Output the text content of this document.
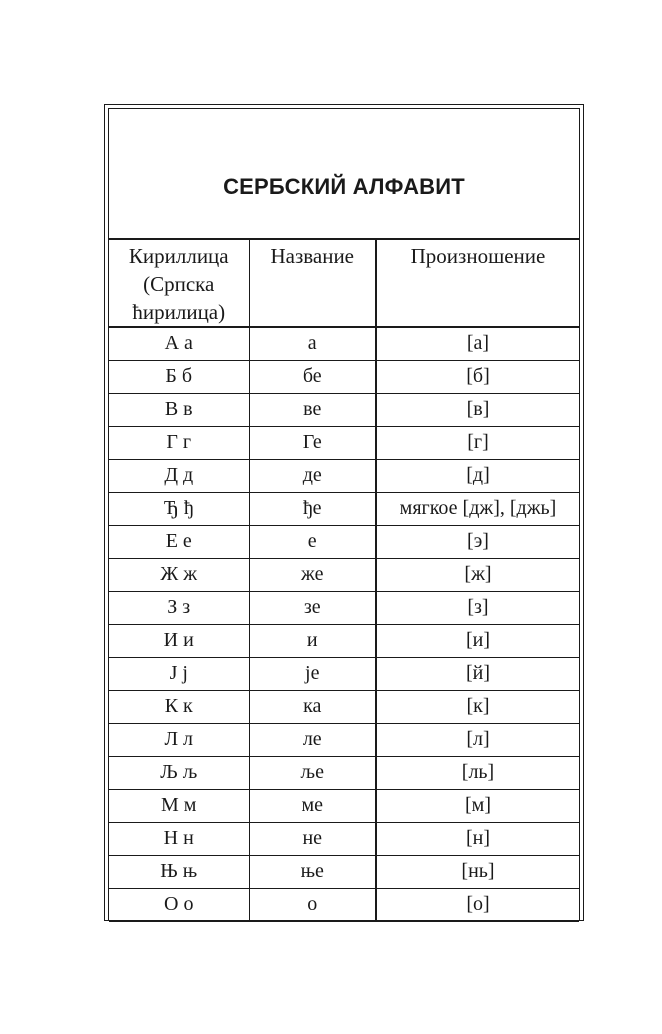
СЕРБСКИЙ АЛФАВИТ
Кириллица
(Српска
ћирилица)	Название	Произношение
А а	а	[а]
Б б	бе	[б]
В в	ве	[в]
Г г	Ге	[г]
Д д	де	[д]
Ђ ђ	ђе	мягкое [дж], [джь]
Е е	е	[э]
Ж ж	же	[ж]
З з	зе	[з]
И и	и	[и]
Ј ј	јe	[й]
К к	ка	[к]
Л л	ле	[л]
Љ љ	ље	[ль]
М м	ме	[м]
Н н	не	[н]
Њ њ	ње	[нь]
О о	о	[о]
